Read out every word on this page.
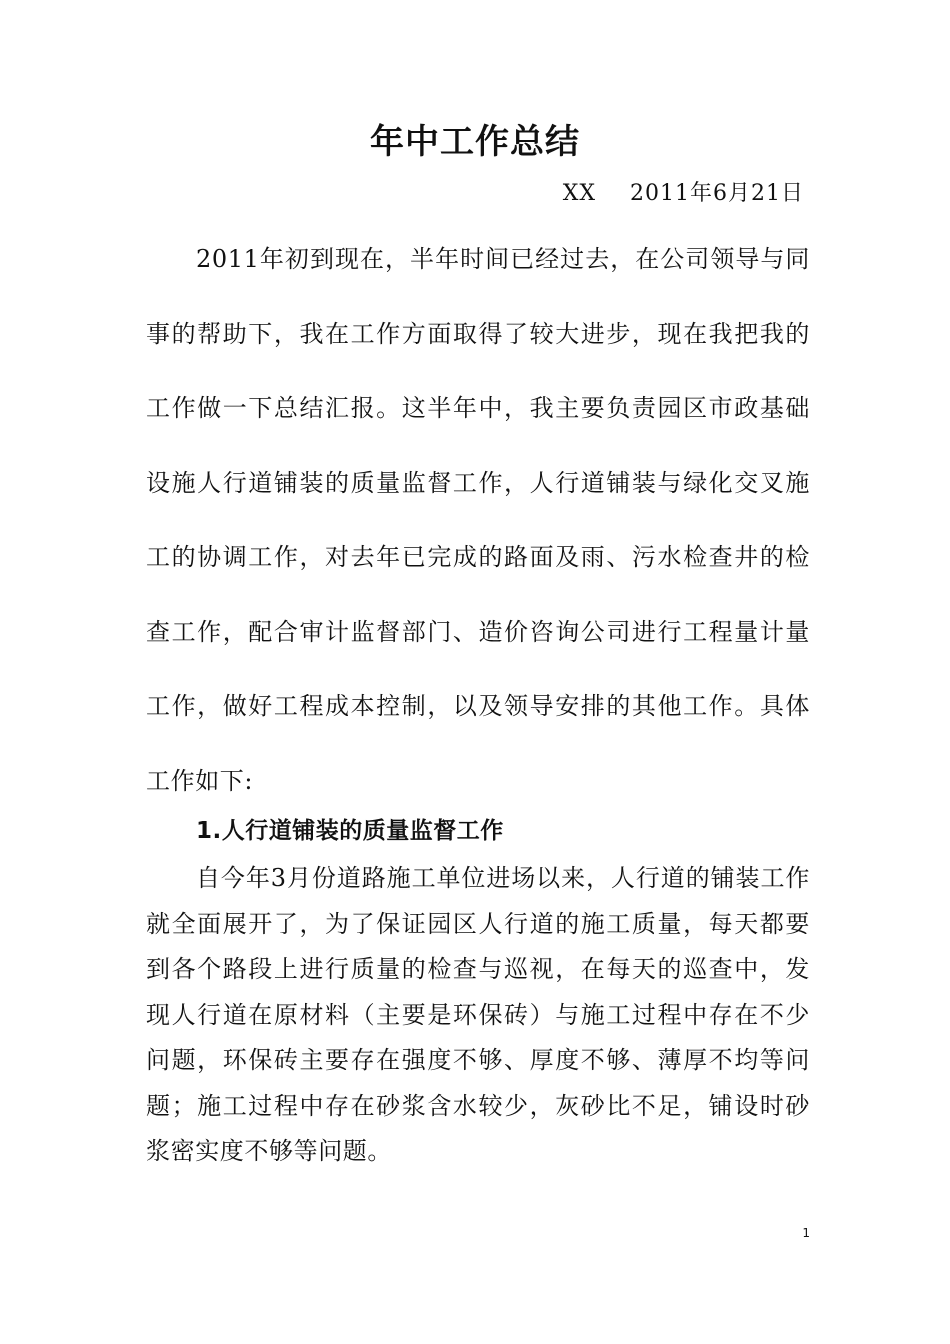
年中工作总结
XX 2011年6月21日

2011年初到现在，半年时间已经过去，在公司领导与同事的帮助下，我在工作方面取得了较大进步，现在我把我的工作做一下总结汇报。这半年中，我主要负责园区市政基础设施人行道铺装的质量监督工作，人行道铺装与绿化交叉施工的协调工作，对去年已完成的路面及雨、污水检查井的检查工作，配合审计监督部门、造价咨询公司进行工程量计量工作，做好工程成本控制，以及领导安排的其他工作。具体工作如下:

1.人行道铺装的质量监督工作

自今年3月份道路施工单位进场以来，人行道的铺装工作就全面展开了，为了保证园区人行道的施工质量，每天都要到各个路段上进行质量的检查与巡视，在每天的巡查中，发现人行道在原材料（主要是环保砖）与施工过程中存在不少问题，环保砖主要存在强度不够、厚度不够、薄厚不均等问题；施工过程中存在砂浆含水较少，灰砂比不足，铺设时砂浆密实度不够等问题。

1
